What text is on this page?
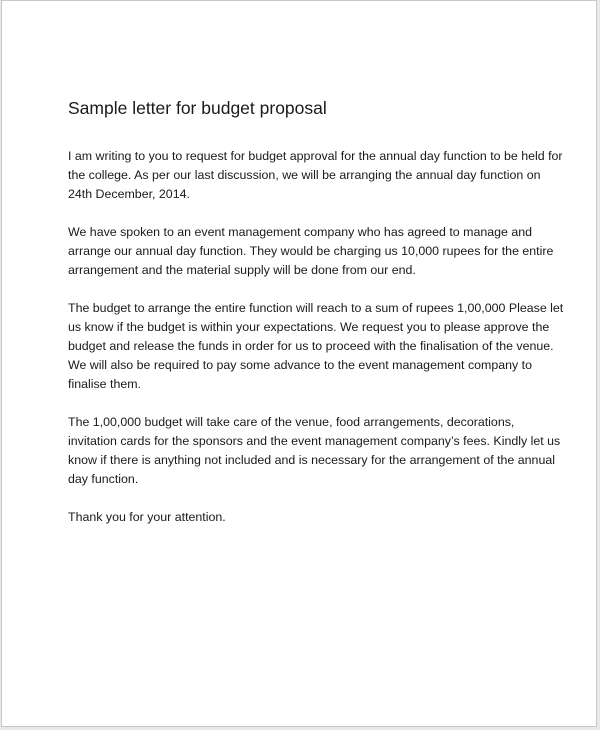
Sample letter for budget proposal

I am writing to you to request for budget approval for the annual day function to be held for
the college. As per our last discussion, we will be arranging the annual day function on
24th December, 2014.

We have spoken to an event management company who has agreed to manage and
arrange our annual day function. They would be charging us 10,000 rupees for the entire
arrangement and the material supply will be done from our end.

The budget to arrange the entire function will reach to a sum of rupees 1,00,000 Please let
us know if the budget is within your expectations. We request you to please approve the
budget and release the funds in order for us to proceed with the finalisation of the venue.
We will also be required to pay some advance to the event management company to
finalise them.

The 1,00,000 budget will take care of the venue, food arrangements, decorations,
invitation cards for the sponsors and the event management company’s fees. Kindly let us
know if there is anything not included and is necessary for the arrangement of the annual
day function.

Thank you for your attention.
